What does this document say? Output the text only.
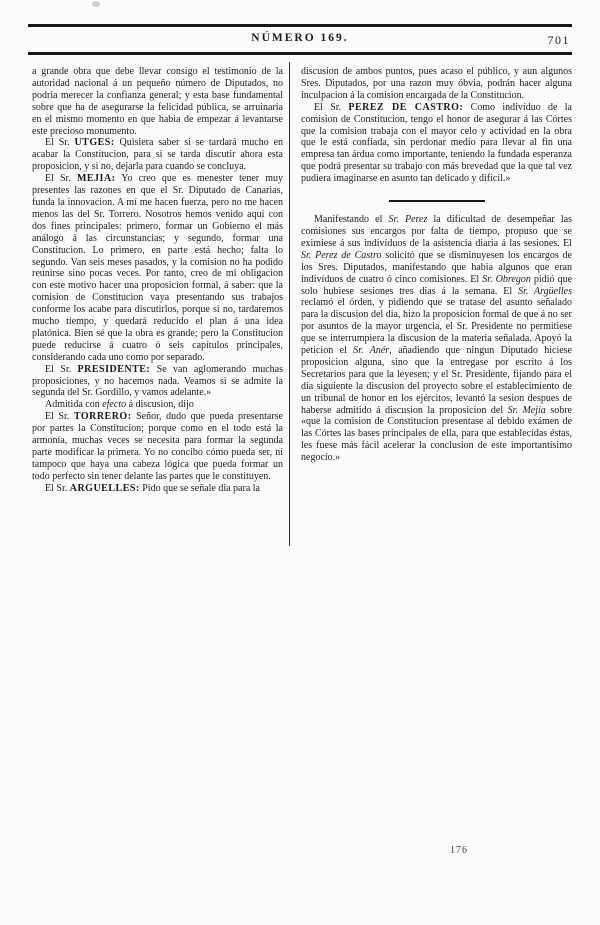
NÚMERO 169.	701

a grande obra que debe llevar consigo el testimonio de la autoridad nacional á un pequeño número de Diputados, no podria merecer la confianza general; y esta base fundamental sobre que ha de asegurarse la felicidad pública, se arruinaria en el mismo momento en que habia de empezar á levantarse este precioso monumento.

El Sr. UTGES: Quisiera saber si se tardará mucho en acabar la Constitucion, para si se tarda discutir ahora esta proposicion, y si no, dejarla para cuando se concluya.

El Sr. MEJIA: Yo creo que es menester tener muy presentes las razones en que el Sr. Diputado de Canarias, funda la innovacion. A mí me hacen fuerza, pero no me hacen menos las del Sr. Torrero. Nosotros hemos venido aquí con dos fines principales: primero, formar un Gobierno el más análogo á las circunstancias; y segundo, formar una Constitucion. Lo primero, en parte está hecho; falta lo segundo. Van seis meses pasados, y la comision no ha podido reunirse sino pocas veces. Por tanto, creo de mi obligacion con este motivo hacer una proposicion formal, á saber: que la comision de Constitucion vaya presentando sus trabajos conforme los acabe para discutirlos, porque si no, tardaremos mucho tiempo, y quedará reducido el plan á una idea platónica. Bien sé que la obra es grande; pero la Constitucion puede reducirse á cuatro ó seis capítulos principales, considerando cada uno como por separado.

El Sr. PRESIDENTE: Se van aglomerando muchas proposiciones, y no hacemos nada. Veamos si se admite la segunda del Sr. Gordillo, y vamos adelante.»

Admitida con efecto á discusion, dijo

El Sr. TORRERO: Señor, dudo que pueda presentarse por partes la Constitucion; porque como en el todo está la armonía, muchas veces se necesita para formar la segunda parte modificar la primera. Yo no concibo cómo pueda ser, ni tampoco que haya una cabeza lógica que pueda formar un todo perfecto sin tener delante las partes que le constituyen.

El Sr. ARGUELLES: Pido que se señale dia para la

discusion de ambos puntos, pues acaso el público, y aun algunos Sres. Diputados, por una razon muy óbvia, podrán hacer alguna inculpacion á la comision encargada de la Constitucion.

El Sr. PEREZ DE CASTRO: Como indivíduo de la comision de Constitucion, tengo el honor de asegurar á las Córtes que la comision trabaja con el mayor celo y actividad en la obra que le está confiada, sin perdonar medio para llevar al fin una empresa tan árdua como importante, teniendo la fundada esperanza que podrá presentar su trabajo con más brevedad que la que tal vez pudiera imaginarse en asunto tan delicado y difícil.»

Manifestando el Sr. Perez la dificultad de desempeñar las comisiones sus encargos por falta de tiempo, propuso que se eximiese á sus indivíduos de la asistencia diaria á las sesiones. El Sr. Perez de Castro solicitó que se disminuyesen los encargos de los Sres. Diputados, manifestando que habia algunos que eran indivíduos de cuatro ó cinco comisiones. El Sr. Obregon pidió que solo hubiese sesiones tres dias á la semana. El Sr. Argüelles reclamó el órden, y pidiendo que se tratase del asunto señalado para la discusion del dia, hizo la proposicion formal de que á no ser por asuntos de la mayor urgencia, el Sr. Presidente no permitiese que se interrumpiera la discusion de la materia señalada. Apoyó la peticion el Sr. Anér, añadiendo que ningun Diputado hiciese proposicion alguna, sino que la entregase por escrito á los Secretarios para que la leyesen; y el Sr. Presidente, fijando para el dia siguiente la discusion del proyecto sobre el establecimiento de un tribunal de honor en los ejércitos, levantó la sesion despues de haberse admitido á discusion la proposicion del Sr. Mejía sobre «que la comision de Constitucion presentase al debido exámen de las Córtes las bases principales de ella, para que establecidas éstas, les fuese más fácil acelerar la conclusion de este importantísimo negocio.»

176
